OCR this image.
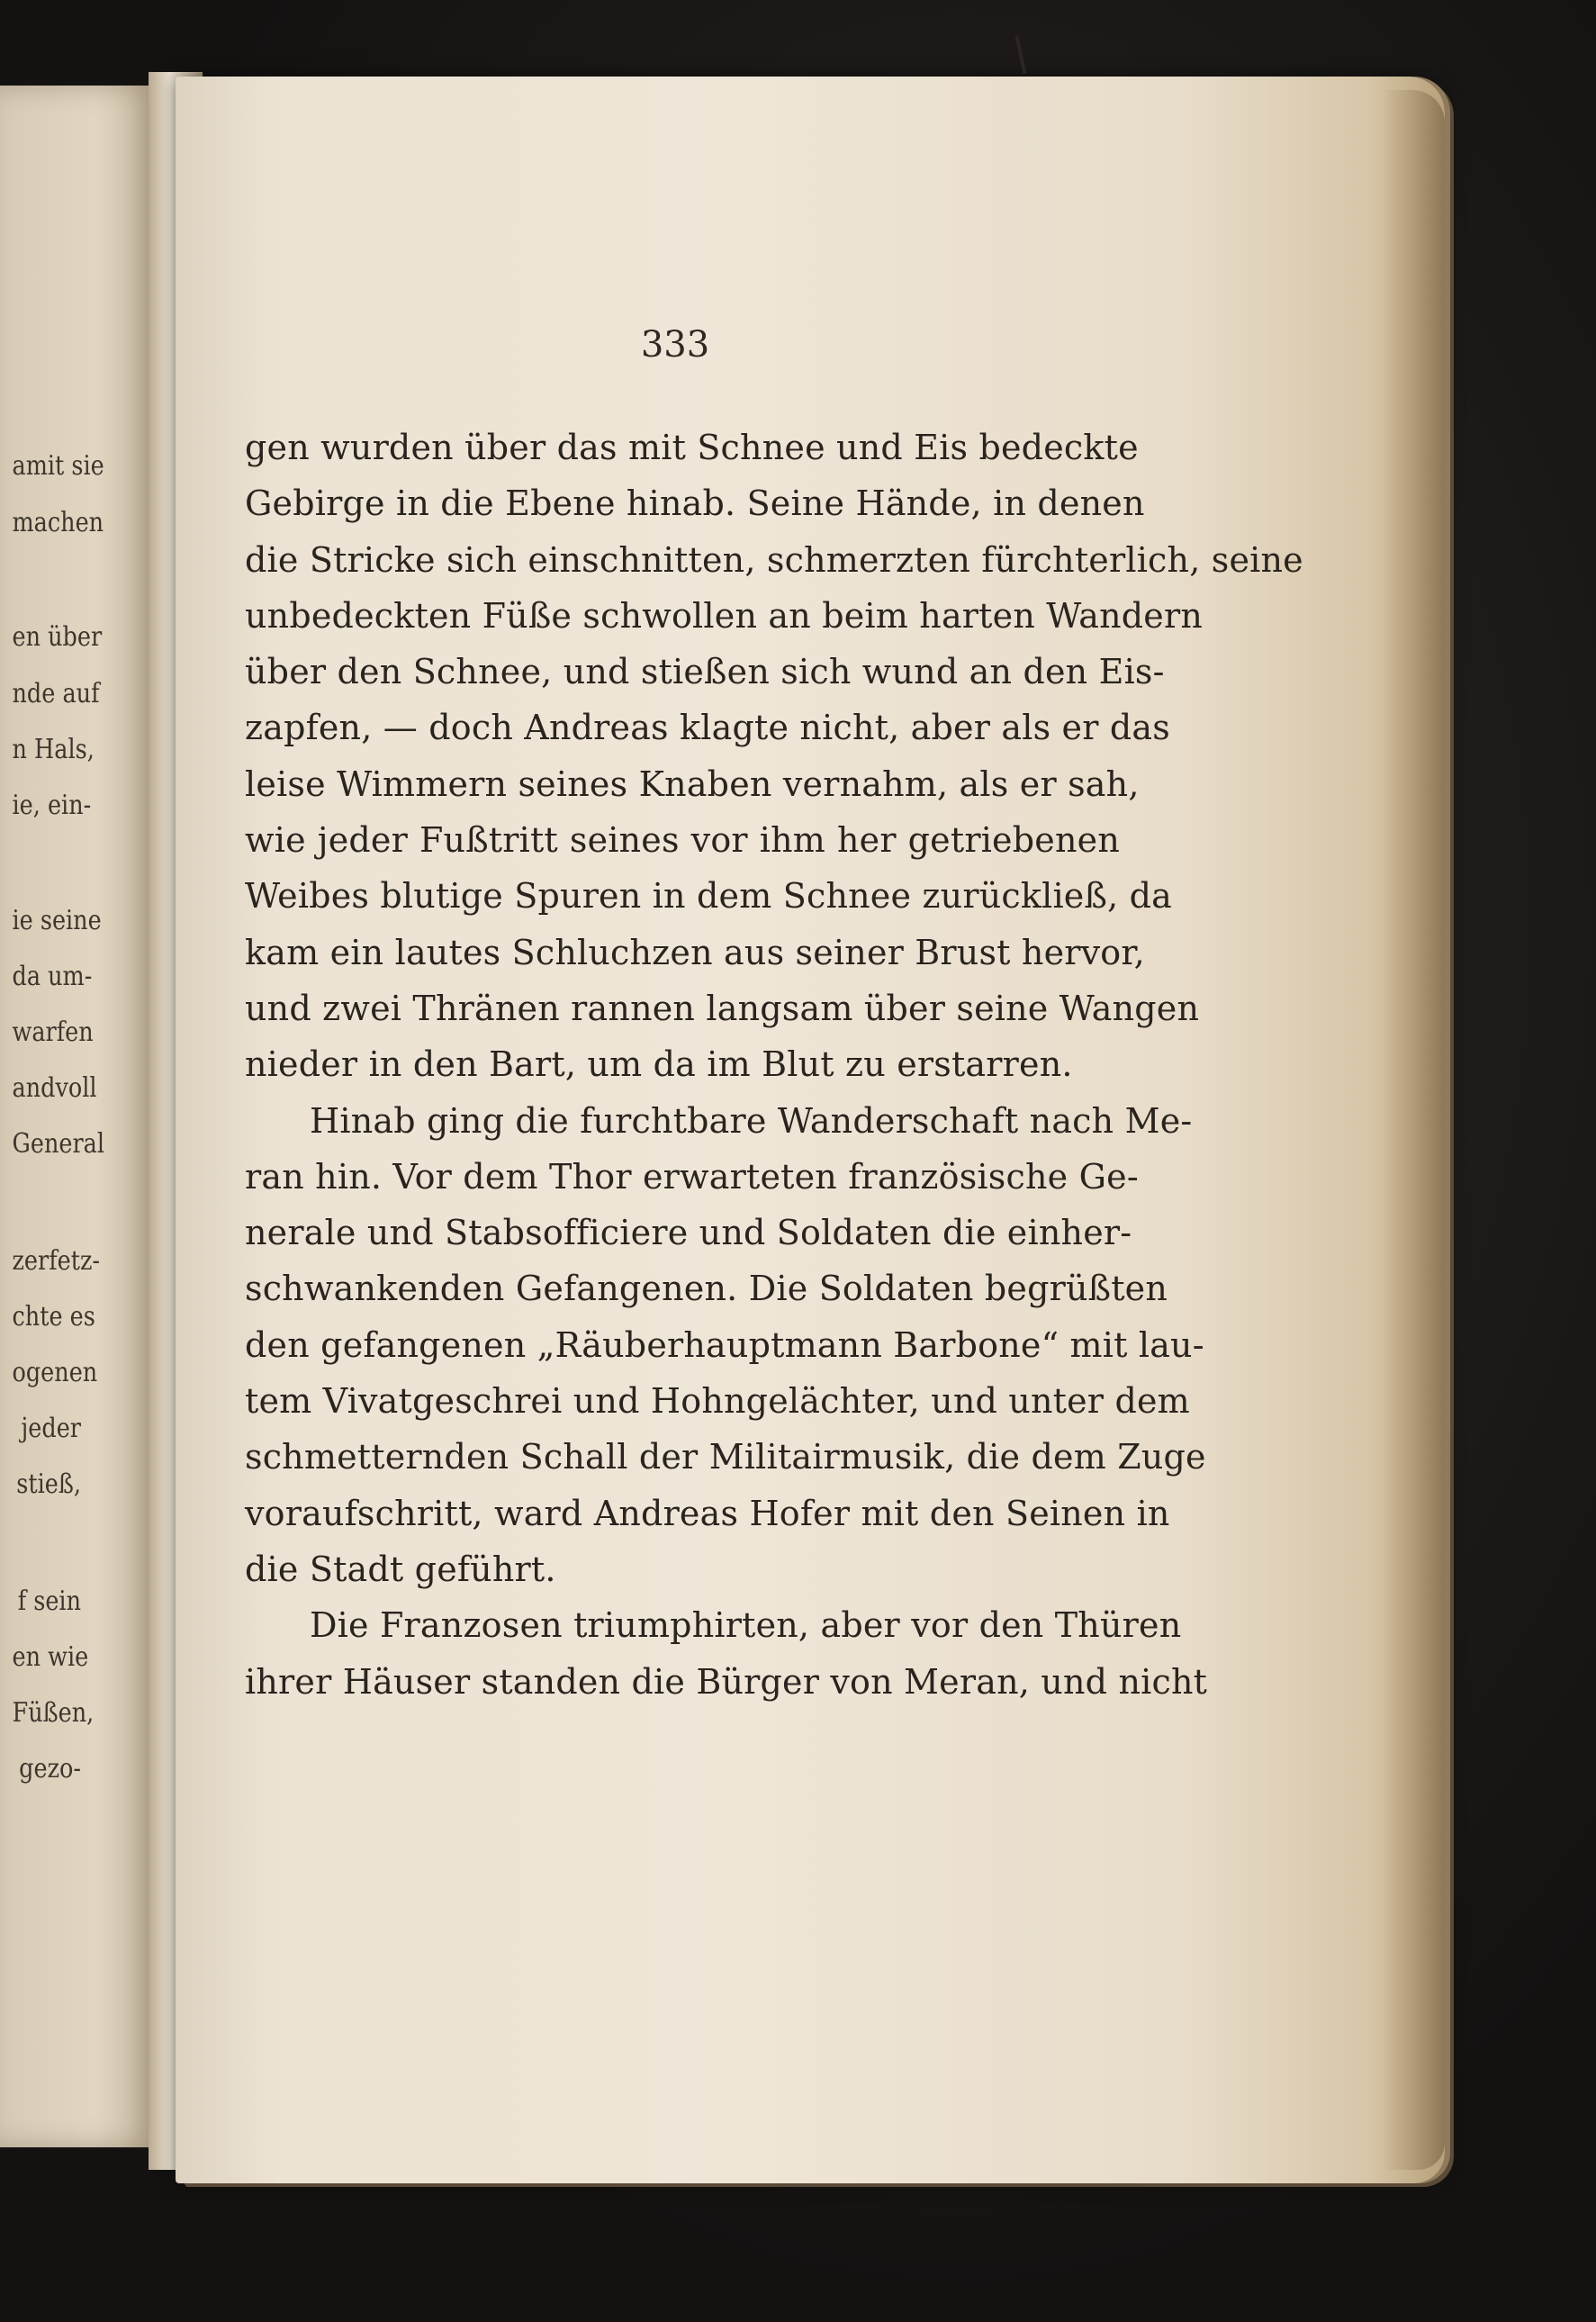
amit sie
machen
en über
nde auf
n Hals,
ie, ein-
ie seine
da um-
warfen
andvoll
General
zerfetz-
chte es
ogenen
jeder
stieß,
f sein
en wie
Füßen,
gezo-
333
gen wurden über das mit Schnee und Eis bedeckte
Gebirge in die Ebene hinab. Seine Hände, in denen
die Stricke sich einschnitten, schmerzten fürchterlich, seine
unbedeckten Füße schwollen an beim harten Wandern
über den Schnee, und stießen sich wund an den Eis-
zapfen, — doch Andreas klagte nicht, aber als er das
leise Wimmern seines Knaben vernahm, als er sah,
wie jeder Fußtritt seines vor ihm her getriebenen
Weibes blutige Spuren in dem Schnee zurückließ, da
kam ein lautes Schluchzen aus seiner Brust hervor,
und zwei Thränen rannen langsam über seine Wangen
nieder in den Bart, um da im Blut zu erstarren.
Hinab ging die furchtbare Wanderschaft nach Me-
ran hin. Vor dem Thor erwarteten französische Ge-
nerale und Stabsofficiere und Soldaten die einher-
schwankenden Gefangenen. Die Soldaten begrüßten
den gefangenen „Räuberhauptmann Barbone“ mit lau-
tem Vivatgeschrei und Hohngelächter, und unter dem
schmetternden Schall der Militairmusik, die dem Zuge
voraufschritt, ward Andreas Hofer mit den Seinen in
die Stadt geführt.
Die Franzosen triumphirten, aber vor den Thüren
ihrer Häuser standen die Bürger von Meran, und nicht
